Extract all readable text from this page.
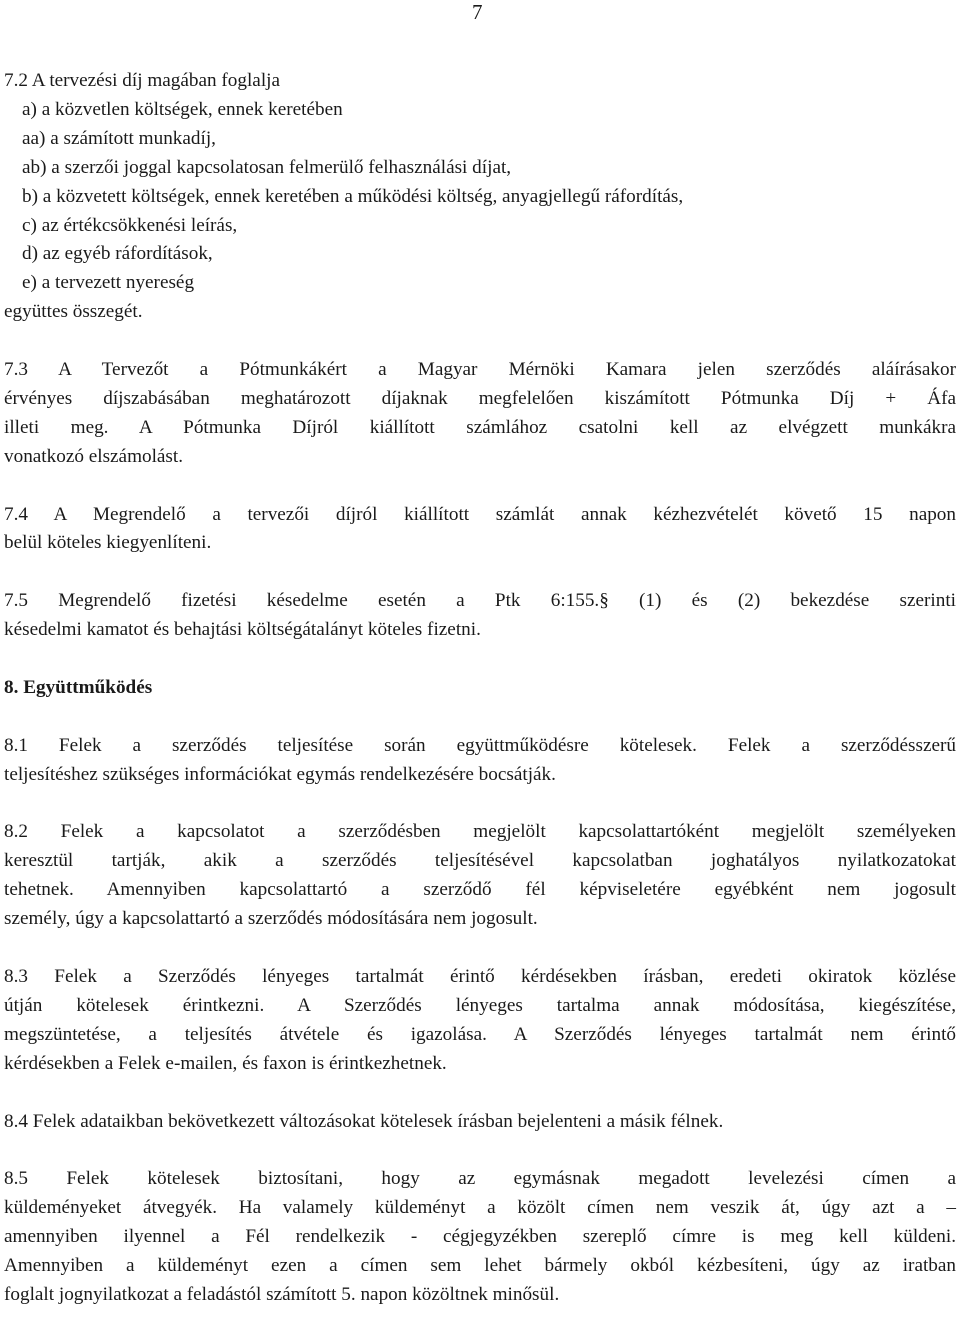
7
7.2 A tervezési díj magában foglalja
a) a közvetlen költségek, ennek keretében
aa) a számított munkadíj,
ab) a szerzői joggal kapcsolatosan felmerülő felhasználási díjat,
b) a közvetett költségek, ennek keretében a működési költség, anyagjellegű ráfordítás,
c) az értékcsökkenési leírás,
d) az egyéb ráfordítások,
e) a tervezett nyereség
együttes összegét.
7.3 A Tervezőt a Pótmunkákért a Magyar Mérnöki Kamara jelen szerződés aláírásakor
érvényes díjszabásában meghatározott díjaknak megfelelően kiszámított Pótmunka Díj + Áfa
illeti meg. A Pótmunka Díjról kiállított számlához csatolni kell az elvégzett munkákra
vonatkozó elszámolást.
7.4 A Megrendelő a tervezői díjról kiállított számlát annak kézhezvételét követő 15 napon
belül köteles kiegyenlíteni.
7.5 Megrendelő fizetési késedelme esetén a Ptk 6:155.§ (1) és (2) bekezdése szerinti
késedelmi kamatot és behajtási költségátalányt köteles fizetni.
8. Együttműködés
8.1 Felek a szerződés teljesítése során együttműködésre kötelesek. Felek a szerződésszerű
teljesítéshez szükséges információkat egymás rendelkezésére bocsátják.
8.2 Felek a kapcsolatot a szerződésben megjelölt kapcsolattartóként megjelölt személyeken
keresztül tartják, akik a szerződés teljesítésével kapcsolatban joghatályos nyilatkozatokat
tehetnek. Amennyiben kapcsolattartó a szerződő fél képviseletére egyébként nem jogosult
személy, úgy a kapcsolattartó a szerződés módosítására nem jogosult.
8.3 Felek a Szerződés lényeges tartalmát érintő kérdésekben írásban, eredeti okiratok közlése
útján kötelesek érintkezni. A Szerződés lényeges tartalma annak módosítása, kiegészítése,
megszüntetése, a teljesítés átvétele és igazolása. A Szerződés lényeges tartalmát nem érintő
kérdésekben a Felek e-mailen, és faxon is érintkezhetnek.
8.4 Felek adataikban bekövetkezett változásokat kötelesek írásban bejelenteni a másik félnek.
8.5 Felek kötelesek biztosítani, hogy az egymásnak megadott levelezési címen a
küldeményeket átvegyék. Ha valamely küldeményt a közölt címen nem veszik át, úgy azt a –
amennyiben ilyennel a Fél rendelkezik - cégjegyzékben szereplő címre is meg kell küldeni.
Amennyiben a küldeményt ezen a címen sem lehet bármely okból kézbesíteni, úgy az iratban
foglalt jognyilatkozat a feladástól számított 5. napon közöltnek minősül.
